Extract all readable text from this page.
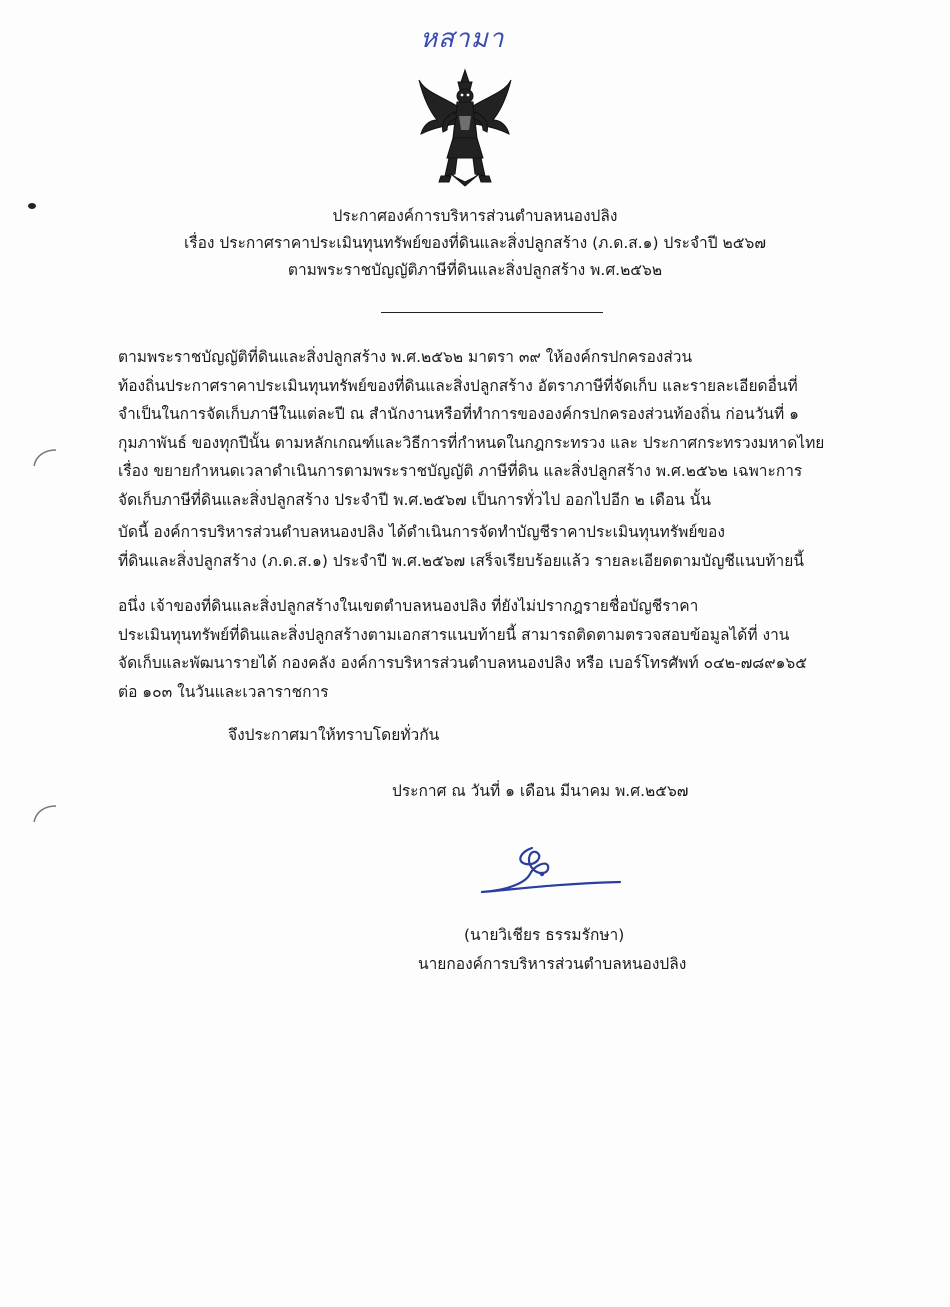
หสามา
ประกาศองค์การบริหารส่วนตำบลหนองปลิง
เรื่อง ประกาศราคาประเมินทุนทรัพย์ของที่ดินและสิ่งปลูกสร้าง (ภ.ด.ส.๑) ประจำปี ๒๕๖๗
ตามพระราชบัญญัติภาษีที่ดินและสิ่งปลูกสร้าง พ.ศ.๒๕๖๒
ตามพระราชบัญญัติที่ดินและสิ่งปลูกสร้าง พ.ศ.๒๕๖๒ มาตรา ๓๙ ให้องค์กรปกครองส่วน
ท้องถิ่นประกาศราคาประเมินทุนทรัพย์ของที่ดินและสิ่งปลูกสร้าง อัตราภาษีที่จัดเก็บ และรายละเอียดอื่นที่
จำเป็นในการจัดเก็บภาษีในแต่ละปี ณ สำนักงานหรือที่ทำการขององค์กรปกครองส่วนท้องถิ่น ก่อนวันที่ ๑
กุมภาพันธ์ ของทุกปีนั้น ตามหลักเกณฑ์และวิธีการที่กำหนดในกฎกระทรวง และ ประกาศกระทรวงมหาดไทย
เรื่อง ขยายกำหนดเวลาดำเนินการตามพระราชบัญญัติ ภาษีที่ดิน และสิ่งปลูกสร้าง พ.ศ.๒๕๖๒ เฉพาะการ
จัดเก็บภาษีที่ดินและสิ่งปลูกสร้าง ประจำปี พ.ศ.๒๕๖๗ เป็นการทั่วไป ออกไปอีก ๒ เดือน นั้น
บัดนี้ องค์การบริหารส่วนตำบลหนองปลิง ได้ดำเนินการจัดทำบัญชีราคาประเมินทุนทรัพย์ของ
ที่ดินและสิ่งปลูกสร้าง (ภ.ด.ส.๑) ประจำปี พ.ศ.๒๕๖๗ เสร็จเรียบร้อยแล้ว รายละเอียดตามบัญชีแนบท้ายนี้
อนึ่ง เจ้าของที่ดินและสิ่งปลูกสร้างในเขตตำบลหนองปลิง ที่ยังไม่ปรากฎรายชื่อบัญชีราคา
ประเมินทุนทรัพย์ที่ดินและสิ่งปลูกสร้างตามเอกสารแนบท้ายนี้ สามารถติดตามตรวจสอบข้อมูลได้ที่ งาน
จัดเก็บและพัฒนารายได้ กองคลัง องค์การบริหารส่วนตำบลหนองปลิง หรือ เบอร์โทรศัพท์ ๐๔๒-๗๘๙๑๖๕
ต่อ ๑๐๓ ในวันและเวลาราชการ
จึงประกาศมาให้ทราบโดยทั่วกัน
ประกาศ ณ วันที่ ๑ เดือน มีนาคม พ.ศ.๒๕๖๗
(นายวิเชียร ธรรมรักษา)
นายกองค์การบริหารส่วนตำบลหนองปลิง
